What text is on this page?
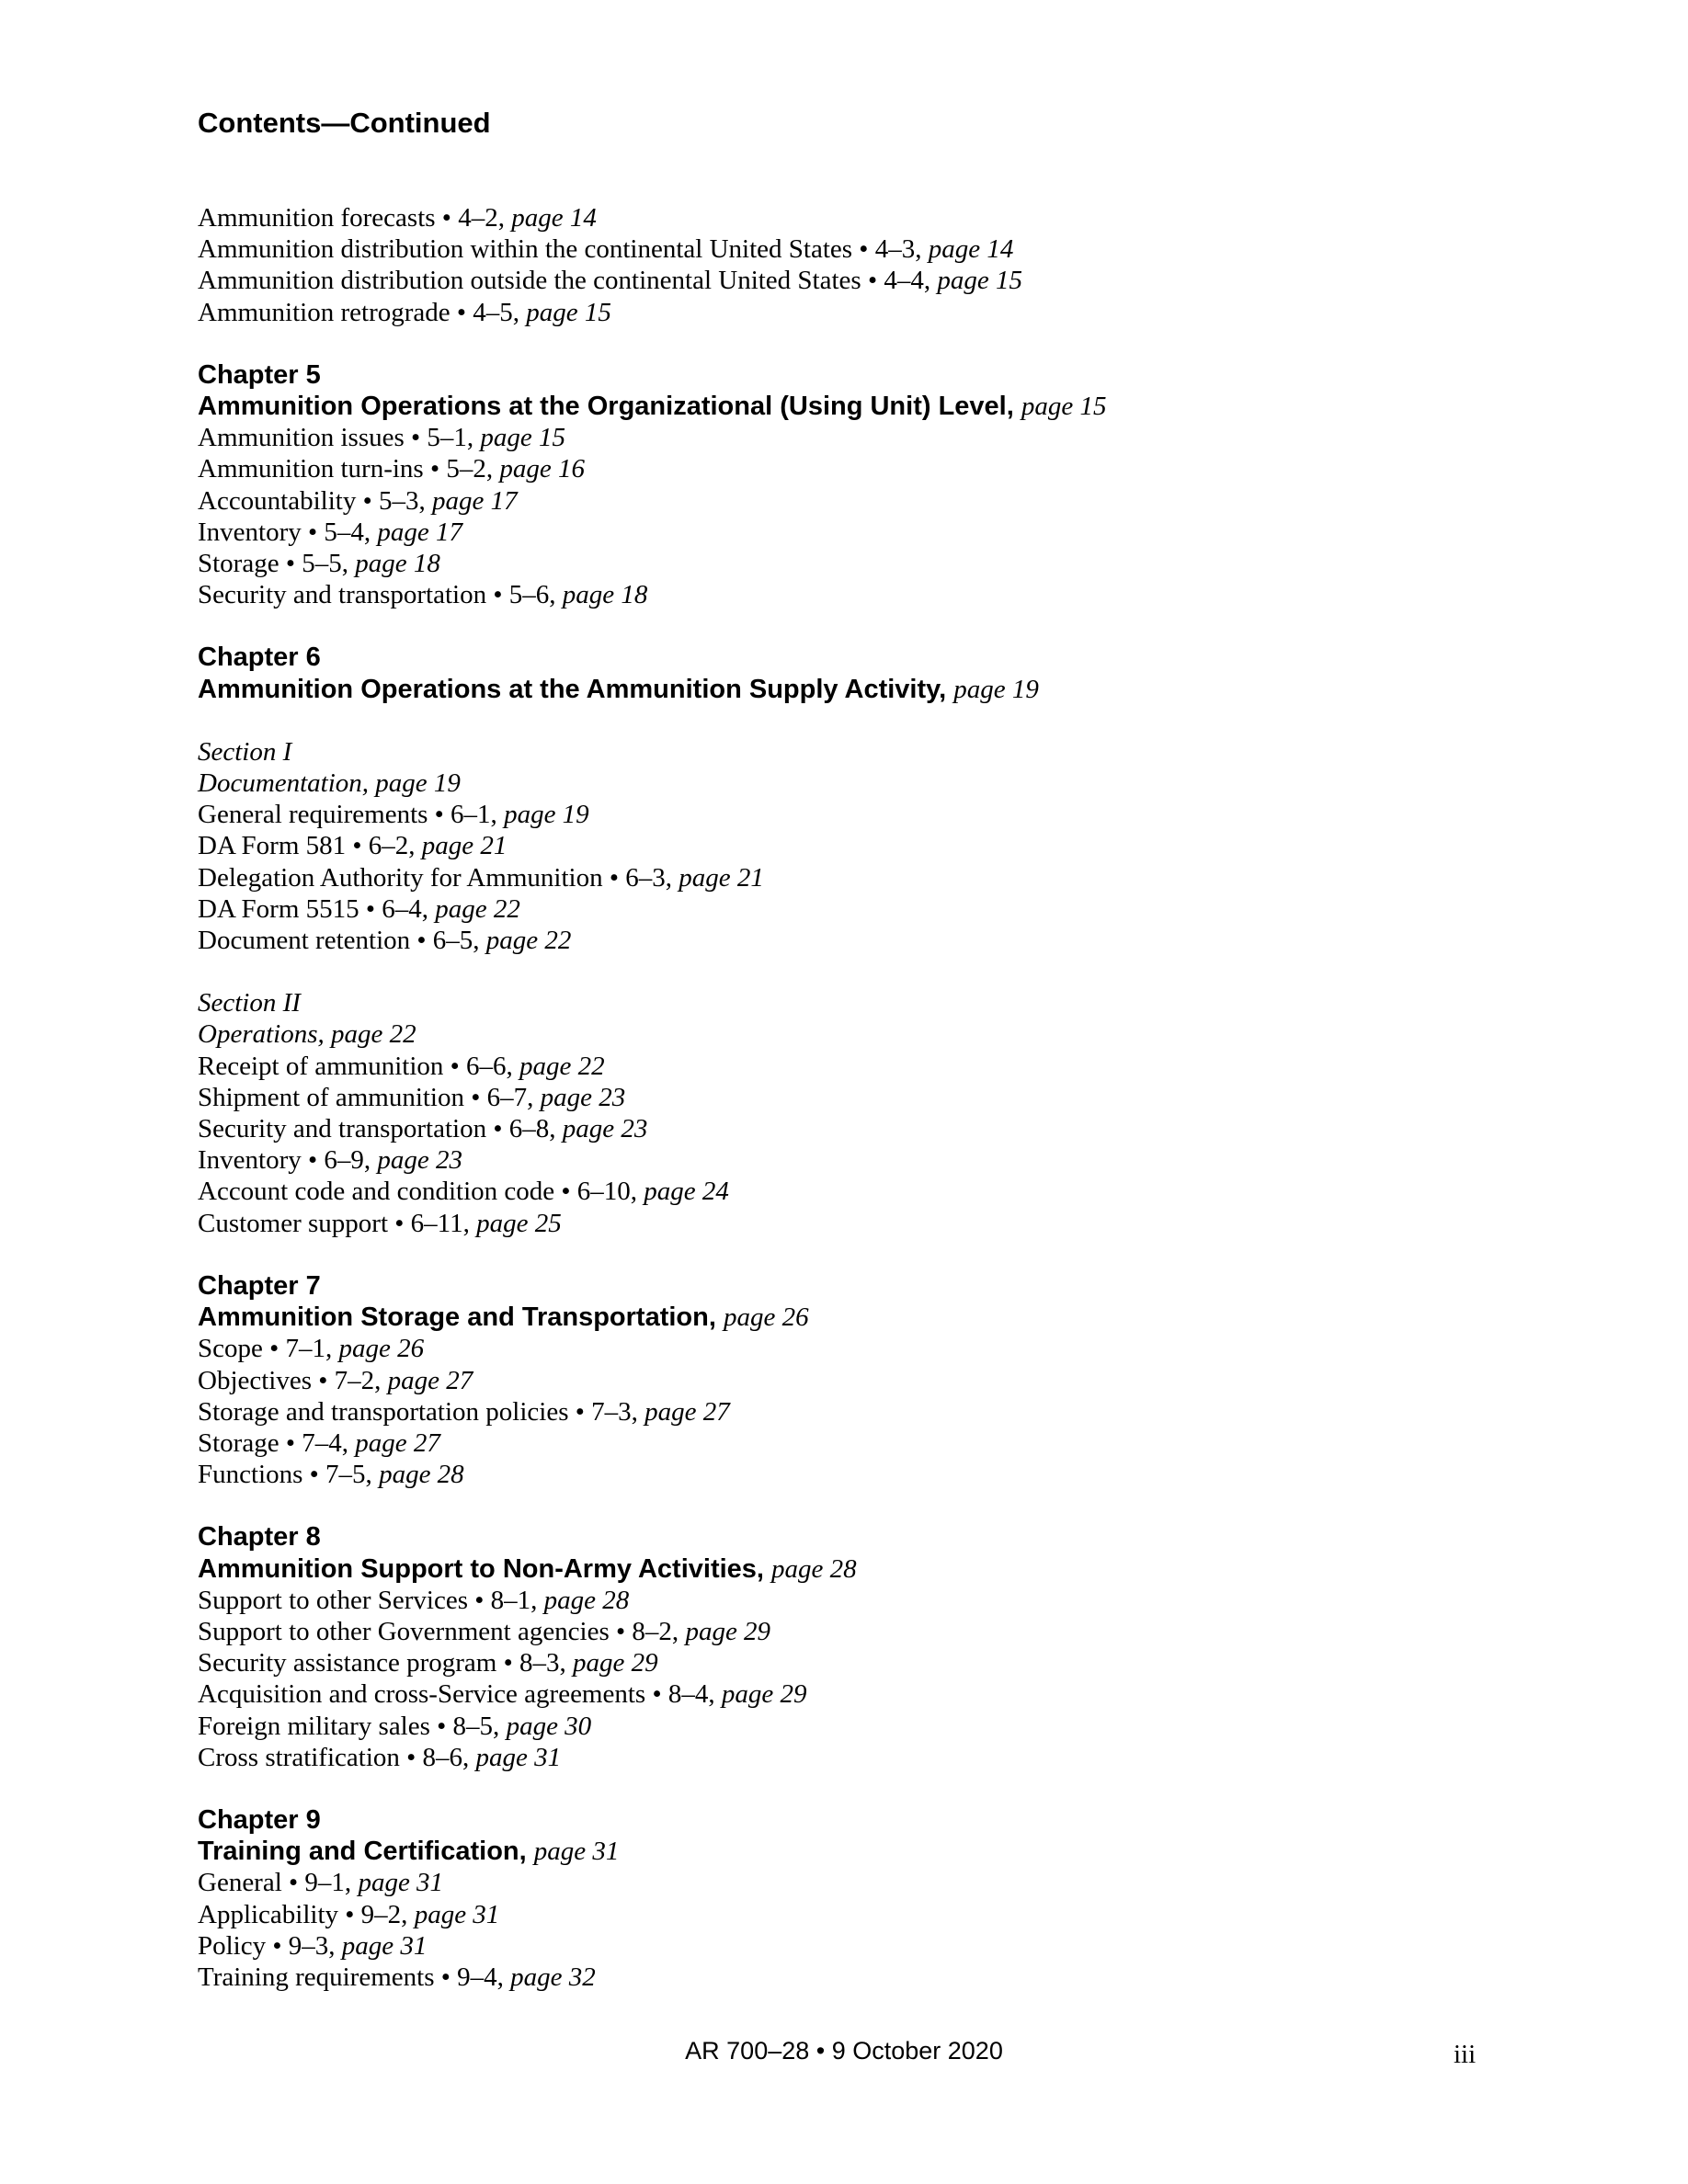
Contents—Continued
Ammunition forecasts • 4–2, page 14
Ammunition distribution within the continental United States • 4–3, page 14
Ammunition distribution outside the continental United States • 4–4, page 15
Ammunition retrograde • 4–5, page 15
Chapter 5
Ammunition Operations at the Organizational (Using Unit) Level, page 15
Ammunition issues • 5–1, page 15
Ammunition turn-ins • 5–2, page 16
Accountability • 5–3, page 17
Inventory • 5–4, page 17
Storage • 5–5, page 18
Security and transportation • 5–6, page 18
Chapter 6
Ammunition Operations at the Ammunition Supply Activity, page 19
Section I
Documentation, page 19
General requirements • 6–1, page 19
DA Form 581 • 6–2, page 21
Delegation Authority for Ammunition • 6–3, page 21
DA Form 5515 • 6–4, page 22
Document retention • 6–5, page 22
Section II
Operations, page 22
Receipt of ammunition • 6–6, page 22
Shipment of ammunition • 6–7, page 23
Security and transportation • 6–8, page 23
Inventory • 6–9, page 23
Account code and condition code • 6–10, page 24
Customer support • 6–11, page 25
Chapter 7
Ammunition Storage and Transportation, page 26
Scope • 7–1, page 26
Objectives • 7–2, page 27
Storage and transportation policies • 7–3, page 27
Storage • 7–4, page 27
Functions • 7–5, page 28
Chapter 8
Ammunition Support to Non-Army Activities, page 28
Support to other Services • 8–1, page 28
Support to other Government agencies • 8–2, page 29
Security assistance program • 8–3, page 29
Acquisition and cross-Service agreements • 8–4, page 29
Foreign military sales • 8–5, page 30
Cross stratification • 8–6, page 31
Chapter 9
Training and Certification, page 31
General • 9–1, page 31
Applicability • 9–2, page 31
Policy • 9–3, page 31
Training requirements • 9–4, page 32
AR 700–28 • 9 October 2020	iii
